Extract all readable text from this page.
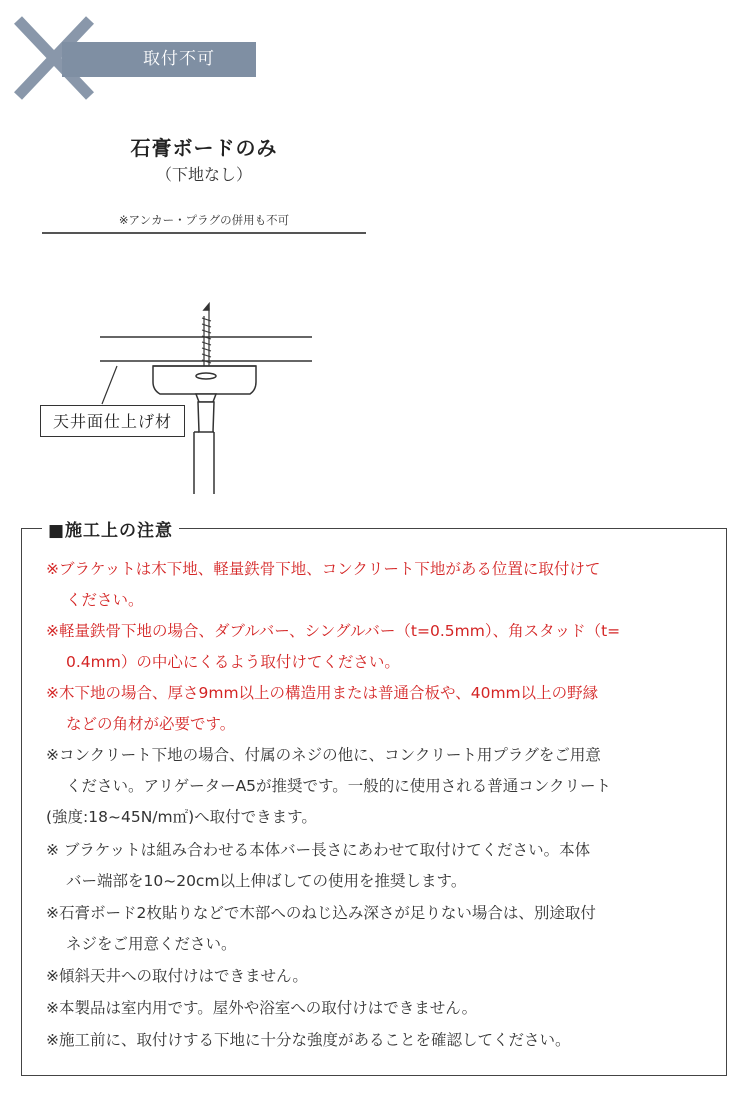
取付不可
石膏ボードのみ
（下地なし）
※アンカー・プラグの併用も不可
天井面仕上げ材
■施工上の注意
※ブラケットは木下地、軽量鉄骨下地、コンクリート下地がある位置に取付けて
ください。
※軽量鉄骨下地の場合、ダブルバー、シングルバー（t=0.5mm）、角スタッド（t=
0.4mm）の中心にくるよう取付けてください。
※木下地の場合、厚さ9mm以上の構造用または普通合板や、40mm以上の野縁
などの角材が必要です。
※コンクリート下地の場合、付属のネジの他に、コンクリート用プラグをご用意
ください。アリゲーターA5が推奨です。一般的に使用される普通コンクリート
(強度:18~45N/m㎡)へ取付できます。
※ ブラケットは組み合わせる本体バー長さにあわせて取付けてください。本体
バー端部を10~20cm以上伸ばしての使用を推奨します。
※石膏ボード2枚貼りなどで木部へのねじ込み深さが足りない場合は、別途取付
ネジをご用意ください。
※傾斜天井への取付けはできません。
※本製品は室内用です。屋外や浴室への取付けはできません。
※施工前に、取付けする下地に十分な強度があることを確認してください。
